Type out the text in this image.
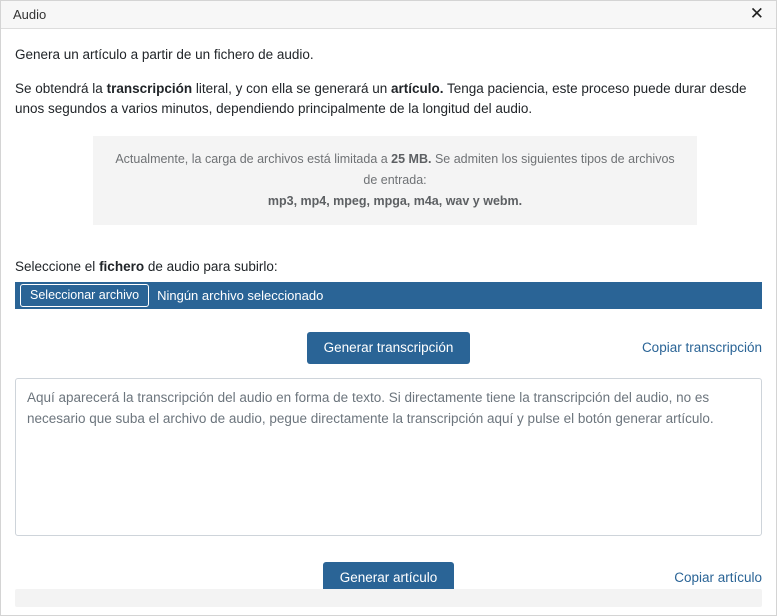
Audio	✕

Genera un artículo a partir de un fichero de audio.

Se obtendrá la transcripción literal, y con ella se generará un artículo. Tenga paciencia, este proceso puede durar desde unos segundos a varios minutos, dependiendo principalmente de la longitud del audio.

Actualmente, la carga de archivos está limitada a 25 MB. Se admiten los siguientes tipos de archivos de entrada:
mp3, mp4, mpeg, mpga, m4a, wav y webm.
Seleccione el fichero de audio para subirlo:
Seleccionar archivo	Ningún archivo seleccionado
Generar transcripción	Copiar transcripción
Aquí aparecerá la transcripción del audio en forma de texto. Si directamente tiene la transcripción del audio, no es necesario que suba el archivo de audio, pegue directamente la transcripción aquí y pulse el botón generar artículo.
Generar artículo	Copiar artículo
